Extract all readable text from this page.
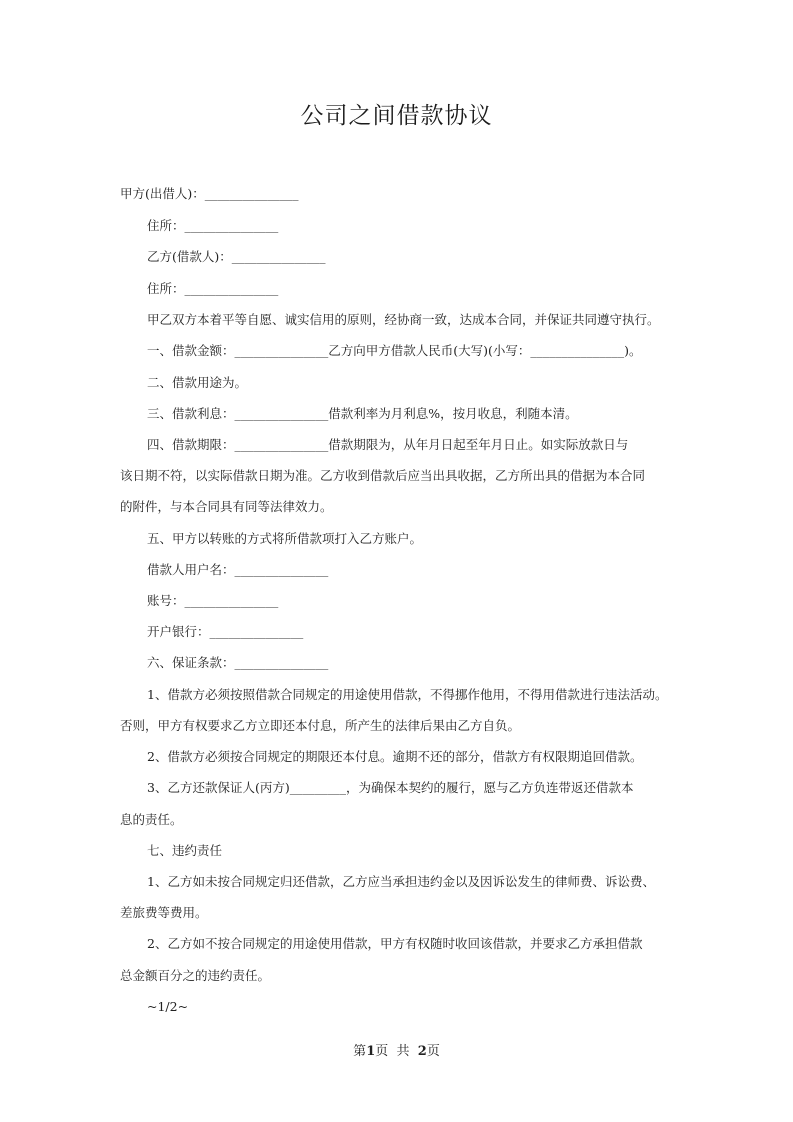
公司之间借款协议
甲方(出借人)：_______________
住所：_______________
乙方(借款人)：_______________
住所：_______________
甲乙双方本着平等自愿、诚实信用的原则，经协商一致，达成本合同，并保证共同遵守执行。
一、借款金额：_______________乙方向甲方借款人民币(大写)(小写：_______________)。
二、借款用途为。
三、借款利息：_______________借款利率为月利息%，按月收息，利随本清。
四、借款期限：_______________借款期限为，从年月日起至年月日止。如实际放款日与
该日期不符，以实际借款日期为准。乙方收到借款后应当出具收据，乙方所出具的借据为本合同
的附件，与本合同具有同等法律效力。
五、甲方以转账的方式将所借款项打入乙方账户。
借款人用户名：_______________
账号：_______________
开户银行：_______________
六、保证条款：_______________
1、借款方必须按照借款合同规定的用途使用借款，不得挪作他用，不得用借款进行违法活动。
否则，甲方有权要求乙方立即还本付息，所产生的法律后果由乙方自负。
2、借款方必须按合同规定的期限还本付息。逾期不还的部分，借款方有权限期追回借款。
3、乙方还款保证人(丙方)_________，为确保本契约的履行，愿与乙方负连带返还借款本
息的责任。
七、违约责任
1、乙方如未按合同规定归还借款，乙方应当承担违约金以及因诉讼发生的律师费、诉讼费、
差旅费等费用。
2、乙方如不按合同规定的用途使用借款，甲方有权随时收回该借款，并要求乙方承担借款
总金额百分之的违约责任。
~1/2~
第1页  共  2页
